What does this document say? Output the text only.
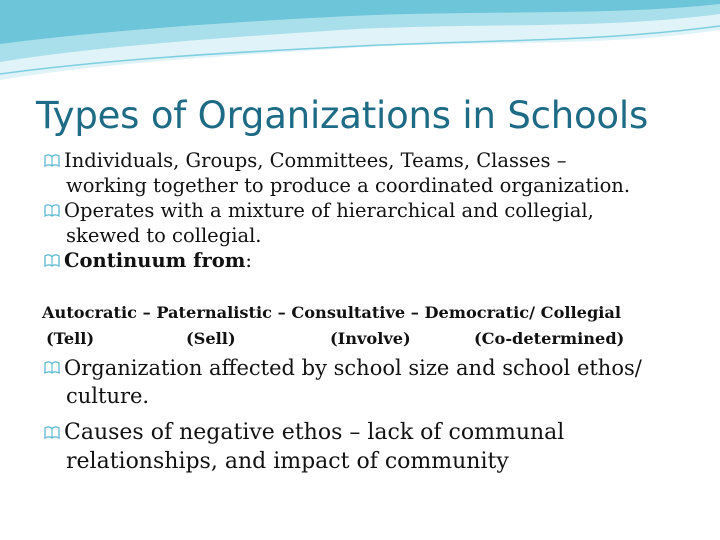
Types of Organizations in Schools
Individuals, Groups, Committees, Teams, Classes –
working together to produce a coordinated organization.
Operates with a mixture of hierarchical and collegial,
skewed to collegial.
Continuum from:
Autocratic – Paternalistic – Consultative – Democratic/ Collegial
(Tell)	(Sell)	(Involve)	(Co-determined)
Organization affected by school size and school ethos/
culture.
Causes of negative ethos – lack of communal
relationships, and impact of community
